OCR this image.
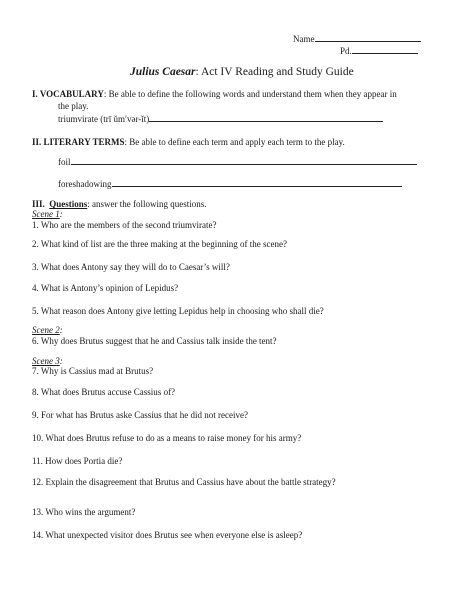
Name
Pd.
Julius Caesar: Act IV Reading and Study Guide
I. VOCABULARY: Be able to define the following words and understand them when they appear in
the play.
triumvirate (trī ŭm′vər-ĭt)
II. LITERARY TERMS: Be able to define each term and apply each term to the play.
foil
foreshadowing
III. Questions: answer the following questions.
Scene 1:
1. Who are the members of the second triumvirate?
2. What kind of list are the three making at the beginning of the scene?
3. What does Antony say they will do to Caesar’s will?
4. What is Antony’s opinion of Lepidus?
5. What reason does Antony give letting Lepidus help in choosing who shall die?
Scene 2:
6. Why does Brutus suggest that he and Cassius talk inside the tent?
Scene 3:
7. Why is Cassius mad at Brutus?
8. What does Brutus accuse Cassius of?
9. For what has Brutus aske Cassius that he did not receive?
10. What does Brutus refuse to do as a means to raise money for his army?
11. How does Portia die?
12. Explain the disagreement that Brutus and Cassius have about the battle strategy?
13. Who wins the argument?
14. What unexpected visitor does Brutus see when everyone else is asleep?
